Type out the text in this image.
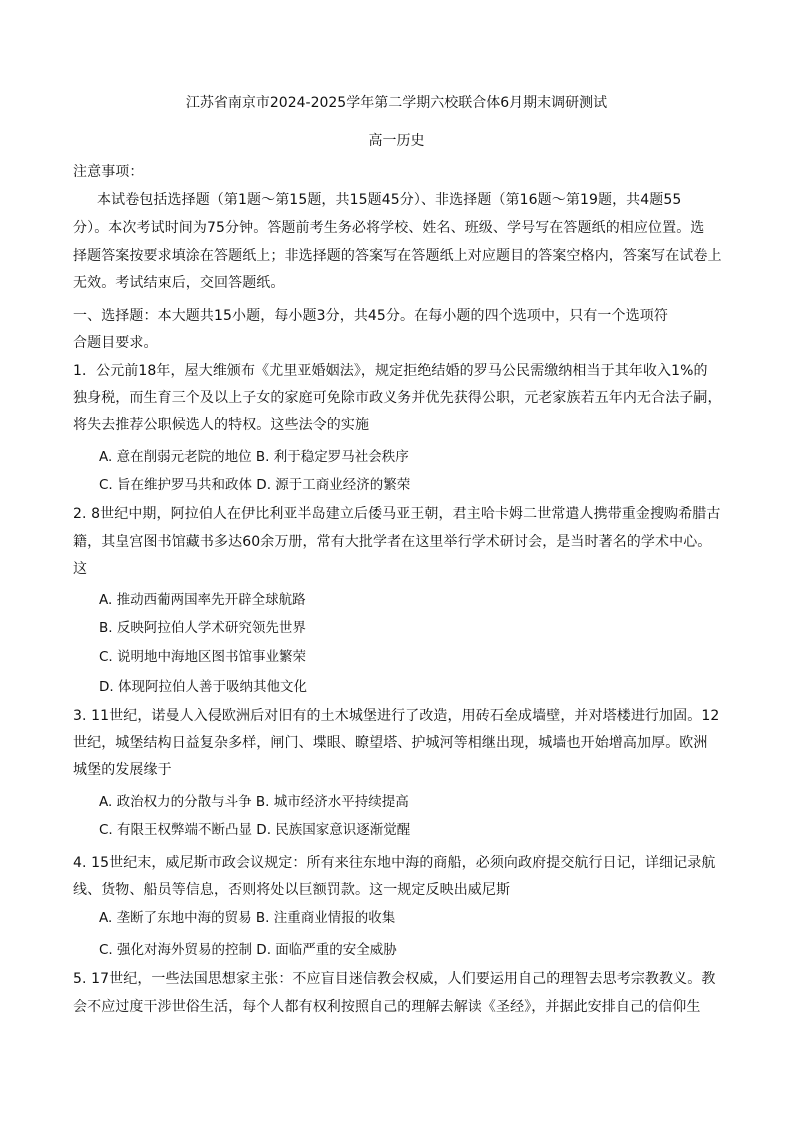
江苏省南京市2024-2025学年第二学期六校联合体6月期末调研测试
高一历史
注意事项：
本试卷包括选择题（第1题～第15题，共15题45分）、非选择题（第16题～第19题，共4题55
分）。本次考试时间为75分钟。答题前考生务必将学校、姓名、班级、学号写在答题纸的相应位置。选
择题答案按要求填涂在答题纸上；非选择题的答案写在答题纸上对应题目的答案空格内，答案写在试卷上
无效。考试结束后，交回答题纸。
一、选择题：本大题共15小题，每小题3分，共45分。在每小题的四个选项中，只有一个选项符
合题目要求。
1．公元前18年，屋大维颁布《尤里亚婚姻法》，规定拒绝结婚的罗马公民需缴纳相当于其年收入1%的
独身税，而生育三个及以上子女的家庭可免除市政义务并优先获得公职，元老家族若五年内无合法子嗣，
将失去推荐公职候选人的特权。这些法令的实施
A. 意在削弱元老院的地位 B. 利于稳定罗马社会秩序
C. 旨在维护罗马共和政体 D. 源于工商业经济的繁荣
2. 8世纪中期，阿拉伯人在伊比利亚半岛建立后倭马亚王朝，君主哈卡姆二世常遣人携带重金搜购希腊古
籍，其皇宫图书馆藏书多达60余万册，常有大批学者在这里举行学术研讨会，是当时著名的学术中心。
这
A. 推动西葡两国率先开辟全球航路
B. 反映阿拉伯人学术研究领先世界
C. 说明地中海地区图书馆事业繁荣
D. 体现阿拉伯人善于吸纳其他文化
3. 11世纪，诺曼人入侵欧洲后对旧有的土木城堡进行了改造，用砖石垒成墙壁，并对塔楼进行加固。12
世纪，城堡结构日益复杂多样，闸门、堞眼、瞭望塔、护城河等相继出现，城墙也开始增高加厚。欧洲
城堡的发展缘于
A. 政治权力的分散与斗争 B. 城市经济水平持续提高
C. 有限王权弊端不断凸显 D. 民族国家意识逐渐觉醒
4. 15世纪末，威尼斯市政会议规定：所有来往东地中海的商船，必须向政府提交航行日记，详细记录航
线、货物、船员等信息，否则将处以巨额罚款。这一规定反映出威尼斯
A. 垄断了东地中海的贸易 B. 注重商业情报的收集
C. 强化对海外贸易的控制 D. 面临严重的安全威胁
5. 17世纪，一些法国思想家主张：不应盲目迷信教会权威，人们要运用自己的理智去思考宗教教义。教
会不应过度干涉世俗生活，每个人都有权利按照自己的理解去解读《圣经》，并据此安排自己的信仰生
